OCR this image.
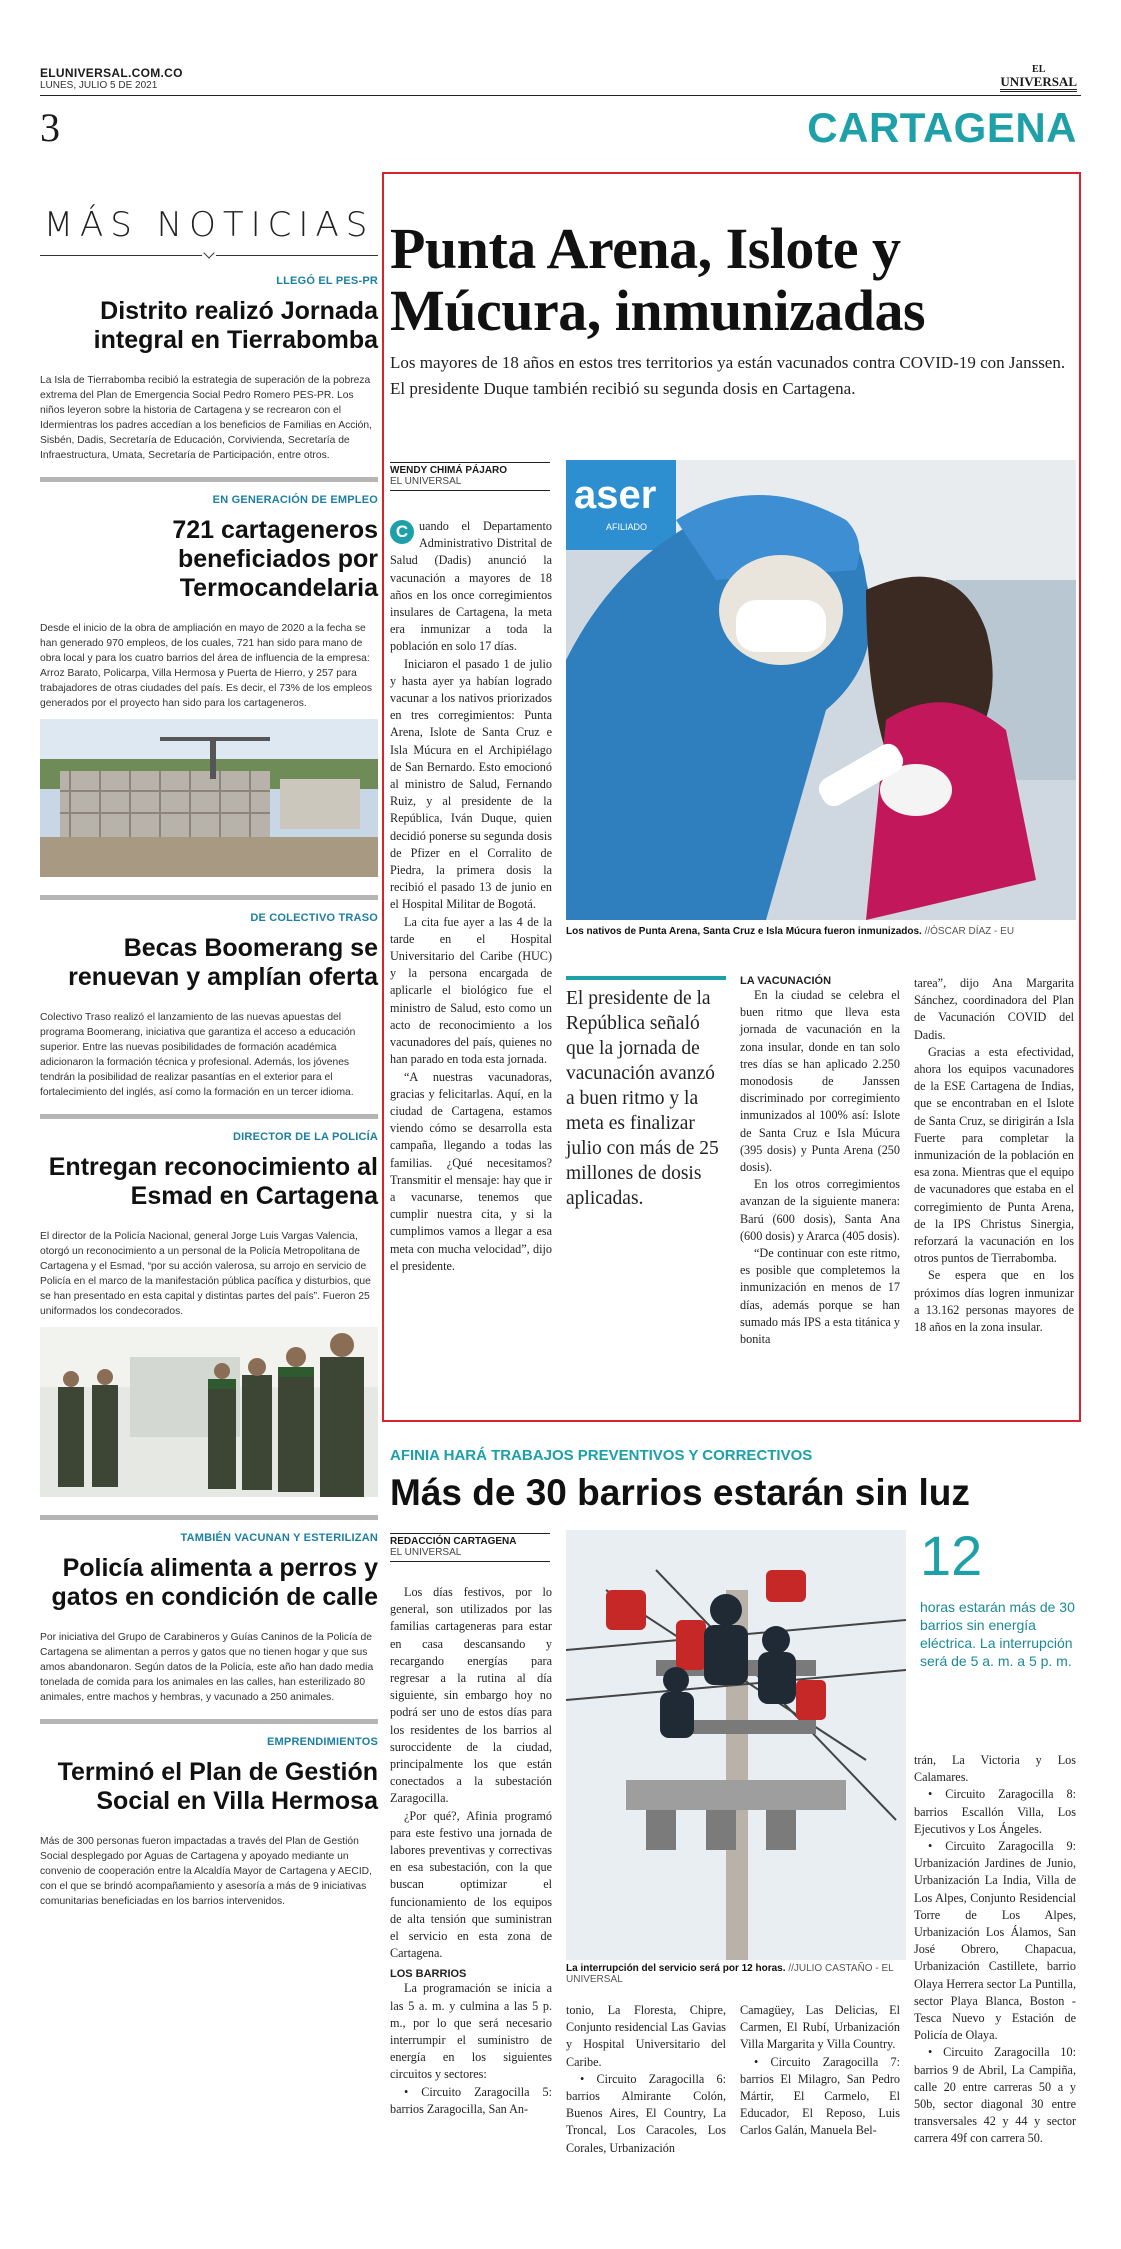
ELUNIVERSAL.COM.CO
LUNES, JULIO 5 DE 2021
EL
UNIVERSAL
3	CARTAGENA
MÁS NOTICIAS
LLEGÓ EL PES-PR
Distrito realizó Jornada integral en Tierrabomba
La Isla de Tierrabomba recibió la estrategia de superación de la pobreza extrema del Plan de Emergencia Social Pedro Romero PES-PR. Los niños leyeron sobre la historia de Cartagena y se recrearon con el Idermientras los padres accedían a los beneficios de Familias en Acción, Sisbén, Dadis, Secretaría de Educación, Corvivienda, Secretaría de Infraestructura, Umata, Secretaría de Participación, entre otros.
EN GENERACIÓN DE EMPLEO
721 cartageneros beneficiados por Termocandelaria
Desde el inicio de la obra de ampliación en mayo de 2020 a la fecha se han generado 970 empleos, de los cuales, 721 han sido para mano de obra local y para los cuatro barrios del área de influencia de la empresa: Arroz Barato, Policarpa, Villa Hermosa y Puerta de Hierro, y 257 para trabajadores de otras ciudades del país. Es decir, el 73% de los empleos generados por el proyecto han sido para los cartageneros.
DE COLECTIVO TRASO
Becas Boomerang se renuevan y amplían oferta
Colectivo Traso realizó el lanzamiento de las nuevas apuestas del programa Boomerang, iniciativa que garantiza el acceso a educación superior. Entre las nuevas posibilidades de formación académica adicionaron la formación técnica y profesional. Además, los jóvenes tendrán la posibilidad de realizar pasantías en el exterior para el fortalecimiento del inglés, así como la formación en un tercer idioma.
DIRECTOR DE LA POLICÍA
Entregan reconocimiento al Esmad en Cartagena
El director de la Policía Nacional, general Jorge Luis Vargas Valencia, otorgó un reconocimiento a un personal de la Policía Metropolitana de Cartagena y el Esmad, “por su acción valerosa, su arrojo en servicio de Policía en el marco de la manifestación pública pacífica y disturbios, que se han presentado en esta capital y distintas partes del país”. Fueron 25 uniformados los condecorados.
TAMBIÉN VACUNAN Y ESTERILIZAN
Policía alimenta a perros y gatos en condición de calle
Por iniciativa del Grupo de Carabineros y Guías Caninos de la Policía de Cartagena se alimentan a perros y gatos que no tienen hogar y que sus amos abandonaron. Según datos de la Policía, este año han dado media tonelada de comida para los animales en las calles, han esterilizado 80 animales, entre machos y hembras, y vacunado a 250 animales.
EMPRENDIMIENTOS
Terminó el Plan de Gestión Social en Villa Hermosa
Más de 300 personas fueron impactadas a través del Plan de Gestión Social desplegado por Aguas de Cartagena y apoyado mediante un convenio de cooperación entre la Alcaldía Mayor de Cartagena y AECID, con el que se brindó acompañamiento y asesoría a más de 9 iniciativas comunitarias beneficiadas en los barrios intervenidos.
Punta Arena, Islote y Múcura, inmunizadas
Los mayores de 18 años en estos tres territorios ya están vacunados contra COVID-19 con Janssen. El presidente Duque también recibió su segunda dosis en Cartagena.
WENDY CHIMÁ PÁJARO
EL UNIVERSAL	aser
AFILIADO
Los nativos de Punta Arena, Santa Cruz e Isla Múcura fueron inmunizados. //ÓSCAR DÍAZ - EU

C uando el Departamento Administrativo Distrital de Salud (Dadis) anunció la vacunación a mayores de 18 años en los once corregimientos insulares de Cartagena, la meta era inmunizar a toda la población en solo 17 días.

Iniciaron el pasado 1 de julio y hasta ayer ya habían logrado vacunar a los nativos priorizados en tres corregimientos: Punta Arena, Islote de Santa Cruz e Isla Múcura en el Archipiélago de San Bernardo. Esto emocionó al ministro de Salud, Fernando Ruiz, y al presidente de la República, Iván Duque, quien decidió ponerse su segunda dosis de Pfizer en el Corralito de Piedra, la primera dosis la recibió el pasado 13 de junio en el Hospital Militar de Bogotá.

La cita fue ayer a las 4 de la tarde en el Hospital Universitario del Caribe (HUC) y la persona encargada de aplicarle el biológico fue el ministro de Salud, esto como un acto de reconocimiento a los vacunadores del país, quienes no han parado en toda esta jornada.

“A nuestras vacunadoras, gracias y felicitarlas. Aquí, en la ciudad de Cartagena, estamos viendo cómo se desarrolla esta campaña, llegando a todas las familias. ¿Qué necesitamos? Transmitir el mensaje: hay que ir a vacunarse, tenemos que cumplir nuestra cita, y si la cumplimos vamos a llegar a esa meta con mucha velocidad”, dijo el presidente.

El presidente de la República señaló que la jornada de vacunación avanzó a buen ritmo y la meta es finalizar julio con más de 25 millones de dosis aplicadas.

LA VACUNACIÓN

En la ciudad se celebra el buen ritmo que lleva esta jornada de vacunación en la zona insular, donde en tan solo tres días se han aplicado 2.250 monodosis de Janssen discriminado por corregimiento inmunizados al 100% así: Islote de Santa Cruz e Isla Múcura (395 dosis) y Punta Arena (250 dosis).

En los otros corregimientos avanzan de la siguiente manera: Barú (600 dosis), Santa Ana (600 dosis) y Ararca (405 dosis).

“De continuar con este ritmo, es posible que completemos la inmunización en menos de 17 días, además porque se han sumado más IPS a esta titánica y bonita

tarea”, dijo Ana Margarita Sánchez, coordinadora del Plan de Vacunación COVID del Dadis.

Gracias a esta efectividad, ahora los equipos vacunadores de la ESE Cartagena de Indias, que se encontraban en el Islote de Santa Cruz, se dirigirán a Isla Fuerte para completar la inmunización de la población en esa zona. Mientras que el equipo de vacunadores que estaba en el corregimiento de Punta Arena, de la IPS Christus Sinergia, reforzará la vacunación en los otros puntos de Tierrabomba.

Se espera que en los próximos días logren inmunizar a 13.162 personas mayores de 18 años en la zona insular.

AFINIA HARÁ TRABAJOS PREVENTIVOS Y CORRECTIVOS
Más de 30 barrios estarán sin luz
REDACCIÓN CARTAGENA
EL UNIVERSAL
La interrupción del servicio será por 12 horas. //JULIO CASTAÑO - EL UNIVERSAL
12
horas estarán más de 30 barrios sin energía eléctrica. La interrupción será de 5 a. m. a 5 p. m.

Los días festivos, por lo general, son utilizados por las familias cartageneras para estar en casa descansando y recargando energías para regresar a la rutina al día siguiente, sin embargo hoy no podrá ser uno de estos días para los residentes de los barrios al suroccidente de la ciudad, principalmente los que están conectados a la subestación Zaragocilla.

¿Por qué?, Afinia programó para este festivo una jornada de labores preventivas y correctivas en esa subestación, con la que buscan optimizar el funcionamiento de los equipos de alta tensión que suministran el servicio en esta zona de Cartagena.

LOS BARRIOS

La programación se inicia a las 5 a. m. y culmina a las 5 p. m., por lo que será necesario interrumpir el suministro de energía en los siguientes circuitos y sectores:

• Circuito Zaragocilla 5: barrios Zaragocilla, San An-

tonio, La Floresta, Chipre, Conjunto residencial Las Gavias y Hospital Universitario del Caribe.

• Circuito Zaragocilla 6: barrios Almirante Colón, Buenos Aires, El Country, La Troncal, Los Caracoles, Los Corales, Urbanización

Camagüey, Las Delicias, El Carmen, El Rubí, Urbanización Villa Margarita y Villa Country.

• Circuito Zaragocilla 7: barrios El Milagro, San Pedro Mártir, El Carmelo, El Educador, El Reposo, Luis Carlos Galán, Manuela Bel-

trán, La Victoria y Los Calamares.

• Circuito Zaragocilla 8: barrios Escallón Villa, Los Ejecutivos y Los Ángeles.

• Circuito Zaragocilla 9: Urbanización Jardines de Junio, Urbanización La India, Villa de Los Alpes, Conjunto Residencial Torre de Los Alpes, Urbanización Los Álamos, San José Obrero, Chapacua, Urbanización Castillete, barrio Olaya Herrera sector La Puntilla, sector Playa Blanca, Boston - Tesca Nuevo y Estación de Policía de Olaya.

• Circuito Zaragocilla 10: barrios 9 de Abril, La Campiña, calle 20 entre carreras 50 a y 50b, sector diagonal 30 entre transversales 42 y 44 y sector carrera 49f con carrera 50.
